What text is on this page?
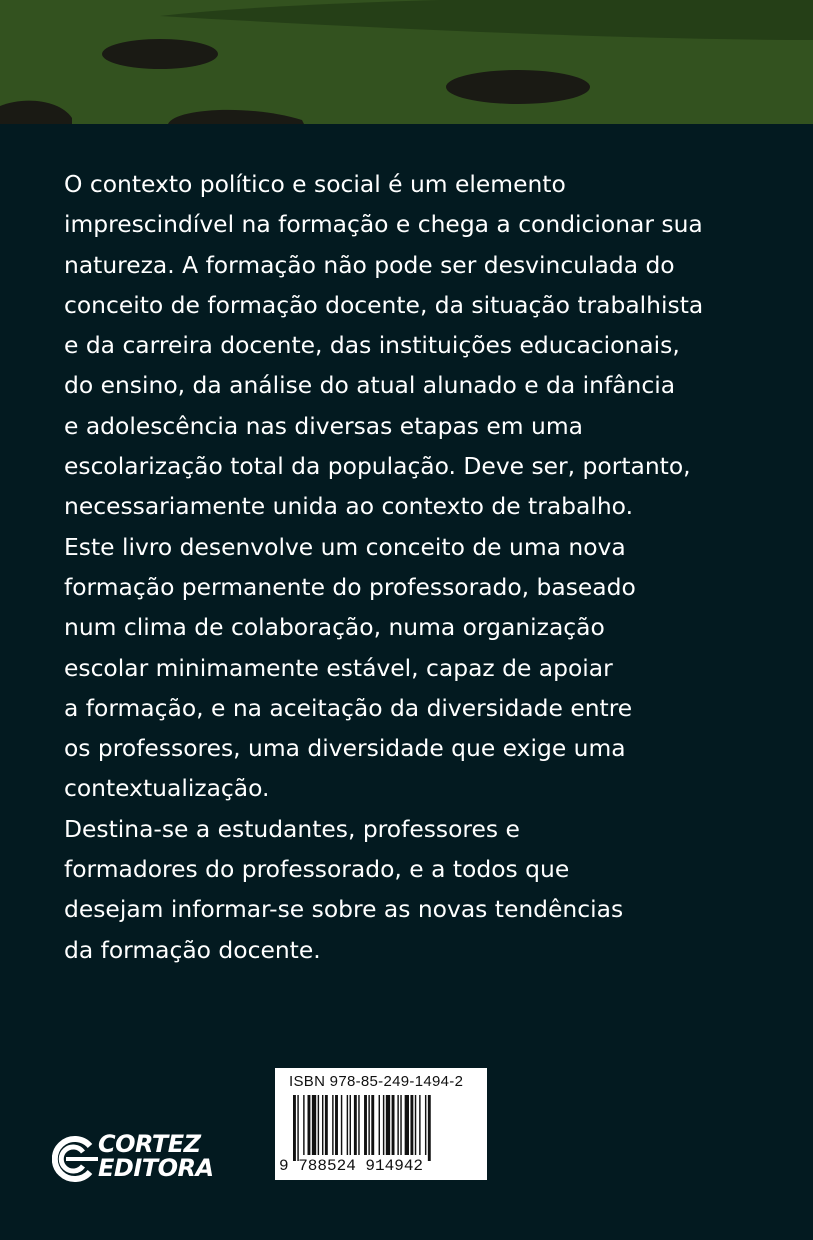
O contexto político e social é um elemento
imprescindível na formação e chega a condicionar sua
natureza. A formação não pode ser desvinculada do
conceito de formação docente, da situação trabalhista
e da carreira docente, das instituições educacionais,
do ensino, da análise do atual alunado e da infância
e adolescência nas diversas etapas em uma
escolarização total da população. Deve ser, portanto,
necessariamente unida ao contexto de trabalho.
Este livro desenvolve um conceito de uma nova
formação permanente do professorado, baseado
num clima de colaboração, numa organização
escolar minimamente estável, capaz de apoiar
a formação, e na aceitação da diversidade entre
os professores, uma diversidade que exige uma
contextualização.
Destina-se a estudantes, professores e
formadores do professorado, e a todos que
desejam informar-se sobre as novas tendências
da formação docente.
ISBN 978-85-249-1494-2
9 788524 914942
CORTEZ
EDITORA
